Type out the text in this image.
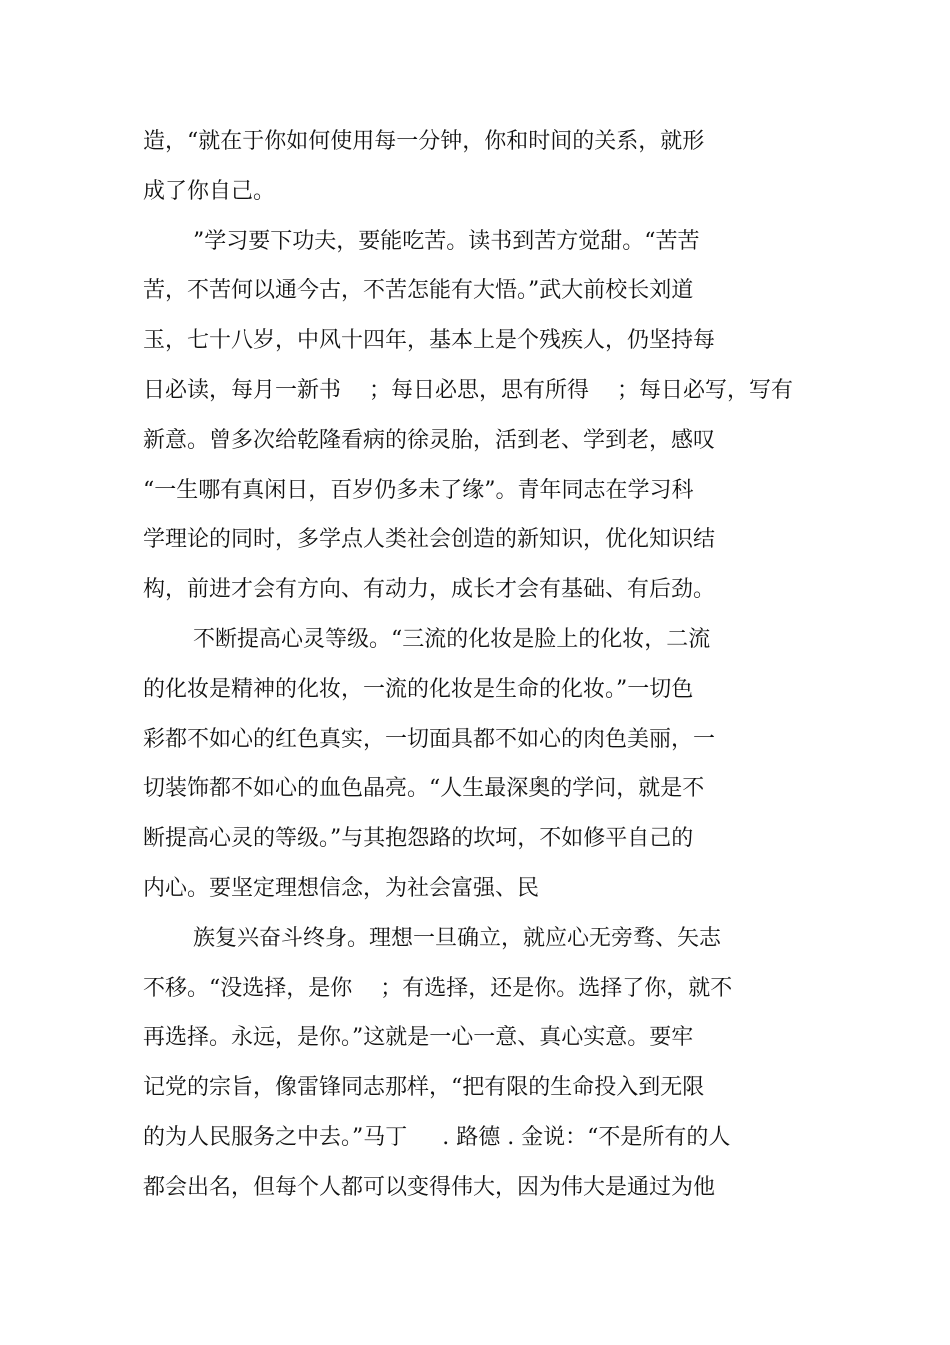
造，“就在于你如何使用每一分钟，你和时间的关系，就形
成了你自己。
”学习要下功夫，要能吃苦。读书到苦方觉甜。“苦苦
苦，不苦何以通今古，不苦怎能有大悟。”武大前校长刘道
玉，七十八岁，中风十四年，基本上是个残疾人，仍坚持每
日必读，每月一新书    ；每日必思，思有所得    ；每日必写，写有
新意。曾多次给乾隆看病的徐灵胎，活到老、学到老，感叹
“一生哪有真闲日，百岁仍多未了缘”。青年同志在学习科
学理论的同时，多学点人类社会创造的新知识，优化知识结
构，前进才会有方向、有动力，成长才会有基础、有后劲。
不断提高心灵等级。“三流的化妆是脸上的化妆，二流
的化妆是精神的化妆，一流的化妆是生命的化妆。”一切色
彩都不如心的红色真实，一切面具都不如心的肉色美丽，一
切装饰都不如心的血色晶亮。“人生最深奥的学问，就是不
断提高心灵的等级。”与其抱怨路的坎坷，不如修平自己的
内心。要坚定理想信念，为社会富强、民
族复兴奋斗终身。理想一旦确立，就应心无旁骛、矢志
不移。“没选择，是你    ；有选择，还是你。选择了你，就不
再选择。永远，是你。”这就是一心一意、真心实意。要牢
记党的宗旨，像雷锋同志那样，“把有限的生命投入到无限
的为人民服务之中去。”马丁     . 路德 . 金说：“不是所有的人
都会出名，但每个人都可以变得伟大，因为伟大是通过为他
